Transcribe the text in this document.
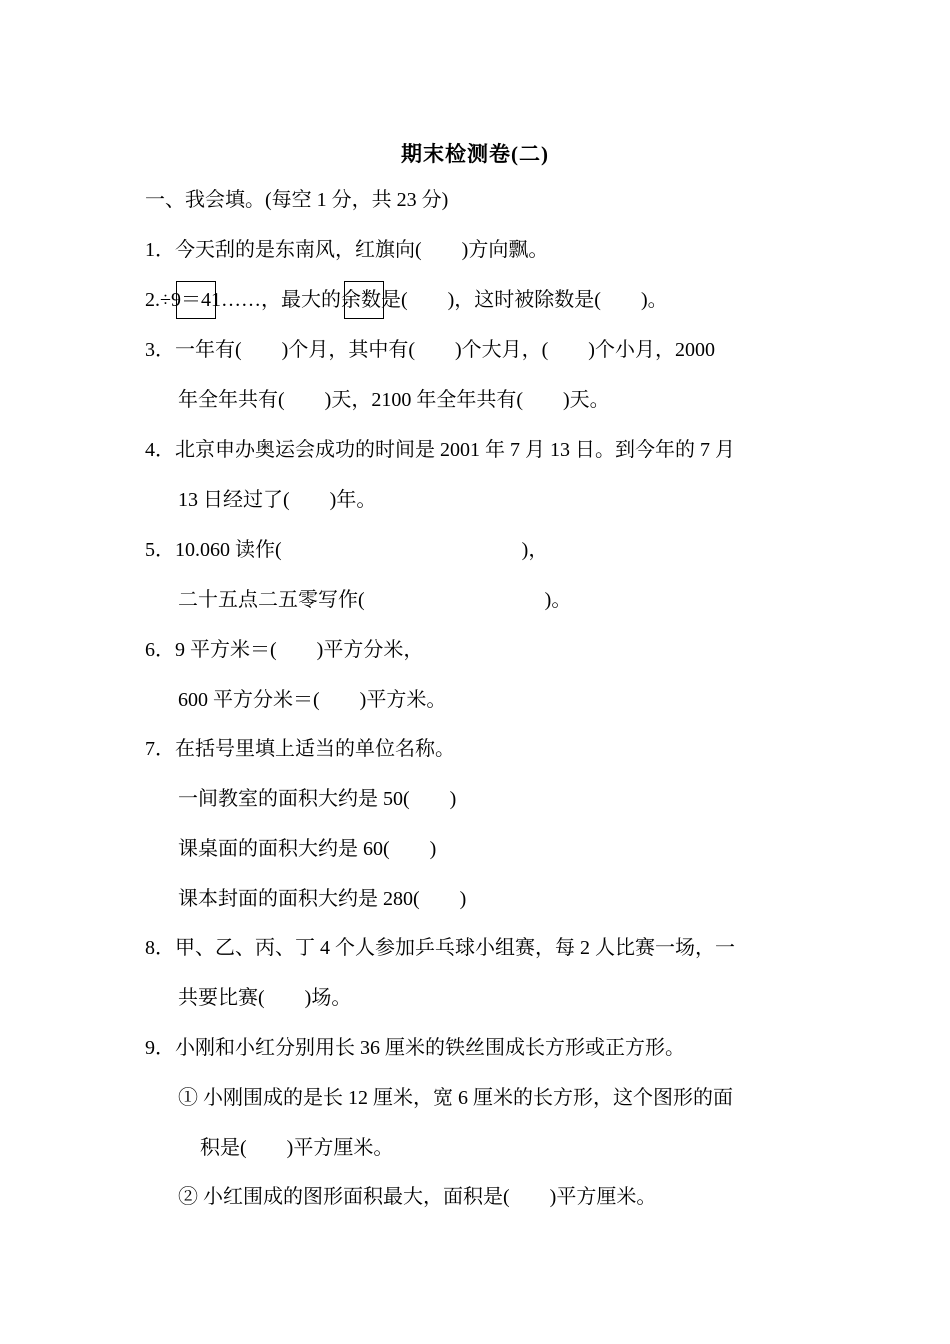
期末检测卷(二)
一、我会填。(每空 1 分，共 23 分)
1．今天刮的是东南风，红旗向(　　)方向飘。
2.÷9＝41……，最大的余数是(　　)，这时被除数是(　　)。
3．一年有(　　)个月，其中有(　　)个大月，(　　)个小月，2000
年全年共有(　　)天，2100 年全年共有(　　)天。
4．北京申办奥运会成功的时间是 2001 年 7 月 13 日。到今年的 7 月
13 日经过了(　　)年。
5．10.060 读作(　　　　　　　　　　　　)，
二十五点二五零写作(　　　　　　　　　)。
6．9 平方米＝(　　)平方分米，
600 平方分米＝(　　)平方米。
7．在括号里填上适当的单位名称。
一间教室的面积大约是 50(　　)
课桌面的面积大约是 60(　　)
课本封面的面积大约是 280(　　)
8．甲、乙、丙、丁 4 个人参加乒乓球小组赛，每 2 人比赛一场，一
共要比赛(　　)场。
9．小刚和小红分别用长 36 厘米的铁丝围成长方形或正方形。
① 小刚围成的是长 12 厘米，宽 6 厘米的长方形，这个图形的面
积是(　　)平方厘米。
② 小红围成的图形面积最大，面积是(　　)平方厘米。
